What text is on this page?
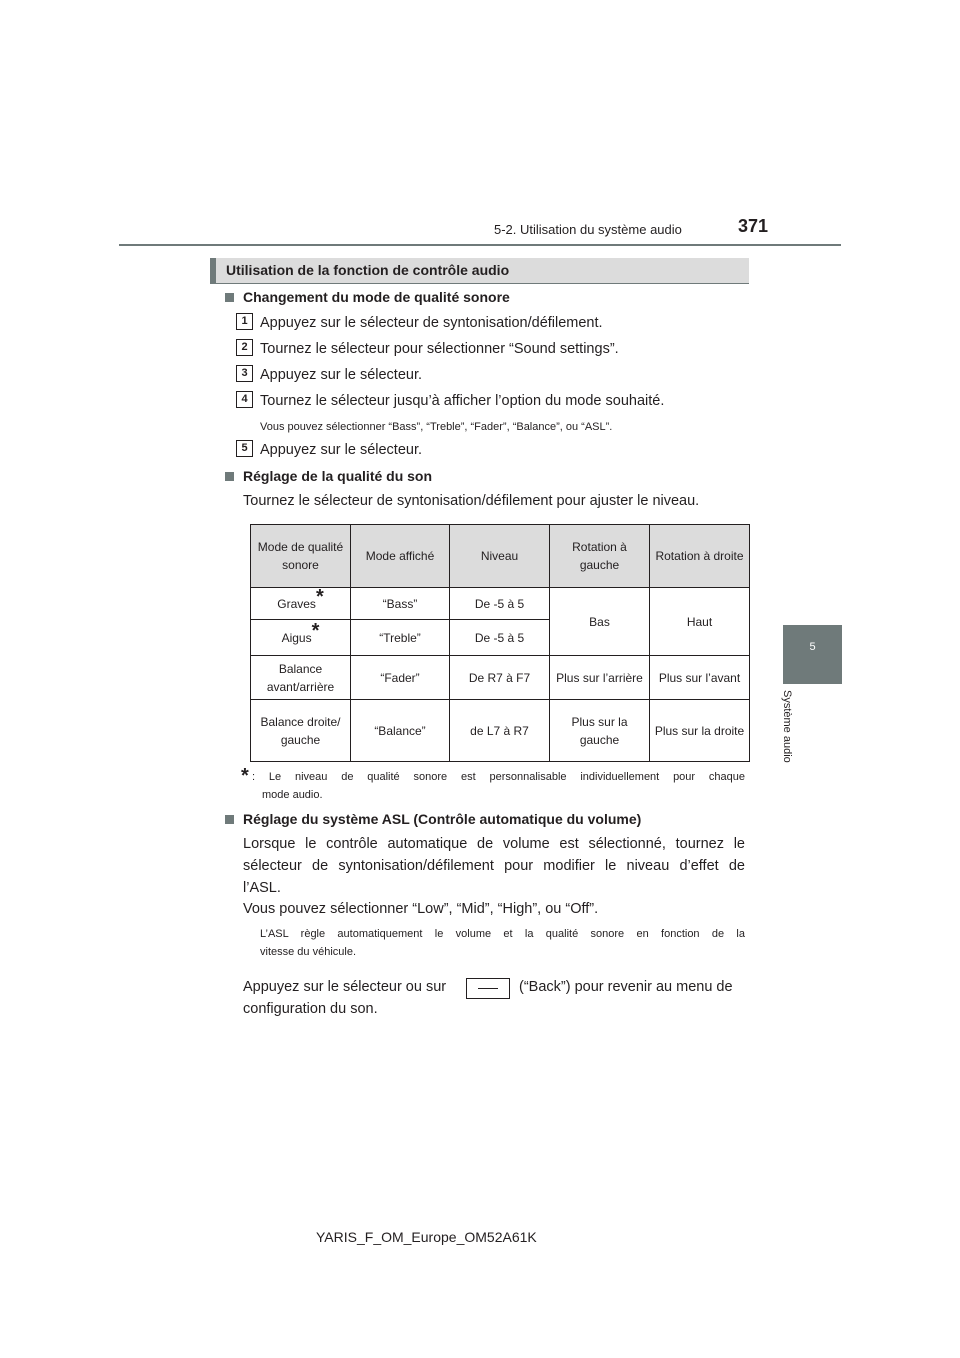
5-2. Utilisation du système audio	371
5
Système audio
Utilisation de la fonction de contrôle audio
Changement du mode de qualité sonore
1 Appuyez sur le sélecteur de syntonisation/défilement.
2 Tournez le sélecteur pour sélectionner “Sound settings”.
3 Appuyez sur le sélecteur.
4 Tournez le sélecteur jusqu’à afficher l’option du mode souhaité.
Vous pouvez sélectionner “Bass”, “Treble”, “Fader”, “Balance”, ou “ASL”.
5 Appuyez sur le sélecteur.
Réglage de la qualité du son
Tournez le sélecteur de syntonisation/défilement pour ajuster le niveau.
Mode de qualité sonore	Mode affiché	Niveau	Rotation à gauche	Rotation à droite
Graves*	“Bass”	De -5 à 5	Bas	Haut
Aigus*	“Treble”	De -5 à 5		
Balance avant/arrière	“Fader”	De R7 à F7	Plus sur l’arrière	Plus sur l’avant
Balance droite/ gauche	“Balance”	de L7 à R7	Plus sur la gauche	Plus sur la droite
* : Le niveau de qualité sonore est personnalisable individuellement pour chaque
mode audio.
Réglage du système ASL (Contrôle automatique du volume)
Lorsque le contrôle automatique de volume est sélectionné, tournez le
sélecteur de syntonisation/défilement pour modifier le niveau d’effet de
l’ASL.
Vous pouvez sélectionner “Low”, “Mid”, “High”, ou “Off”.
L’ASL règle automatiquement le volume et la qualité sonore en fonction de la
vitesse du véhicule.
Appuyez sur le sélecteur ou sur	(“Back”) pour revenir au menu de
configuration du son.
YARIS_F_OM_Europe_OM52A61K
